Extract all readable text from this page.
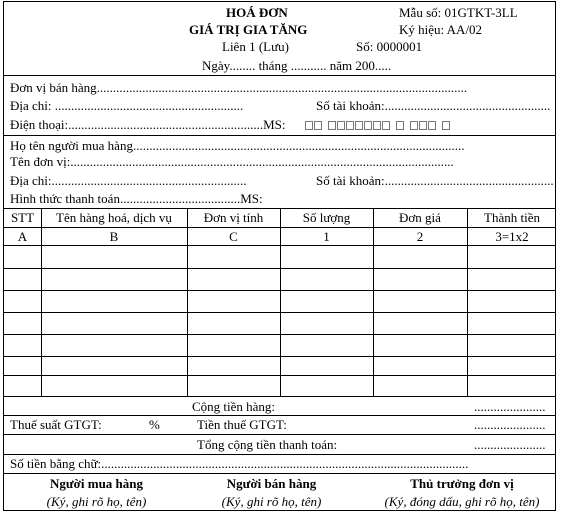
HOÁ ĐƠN
GIÁ TRỊ GIA TĂNG
Liên 1 (Lưu)
Mẫu số: 01GTKT-3LL
Ký hiệu: AA/02
Số: 0000001
Ngày........ tháng ........... năm 200.....
Đơn vị bán hàng..................................................................................................................
Địa chỉ: ..........................................................	Số tài khoản:...................................................
Điện thoại:............................................................MS:
Họ tên người mua hàng......................................................................................................
Tên đơn vị:......................................................................................................................
Địa chỉ:............................................................	Số tài khoản:....................................................
Hình thức thanh toán.....................................MS:
STT	Tên hàng hoá, dịch vụ	Đơn vị tính	Số lượng	Đơn giá	Thành tiền
A	B	C	1	2	3=1x2
Cộng tiền hàng:	......................
Thuế suất GTGT:	%	Tiền thuế GTGT:	......................
Tổng cộng tiền thanh toán:	......................
Số tiền bằng chữ:.................................................................................................................
Người mua hàng
(Ký, ghi rõ họ, tên)
Người bán hàng
(Ký, ghi rõ họ, tên)
Thủ trưởng đơn vị
(Ký, đóng dấu, ghi rõ họ, tên)
